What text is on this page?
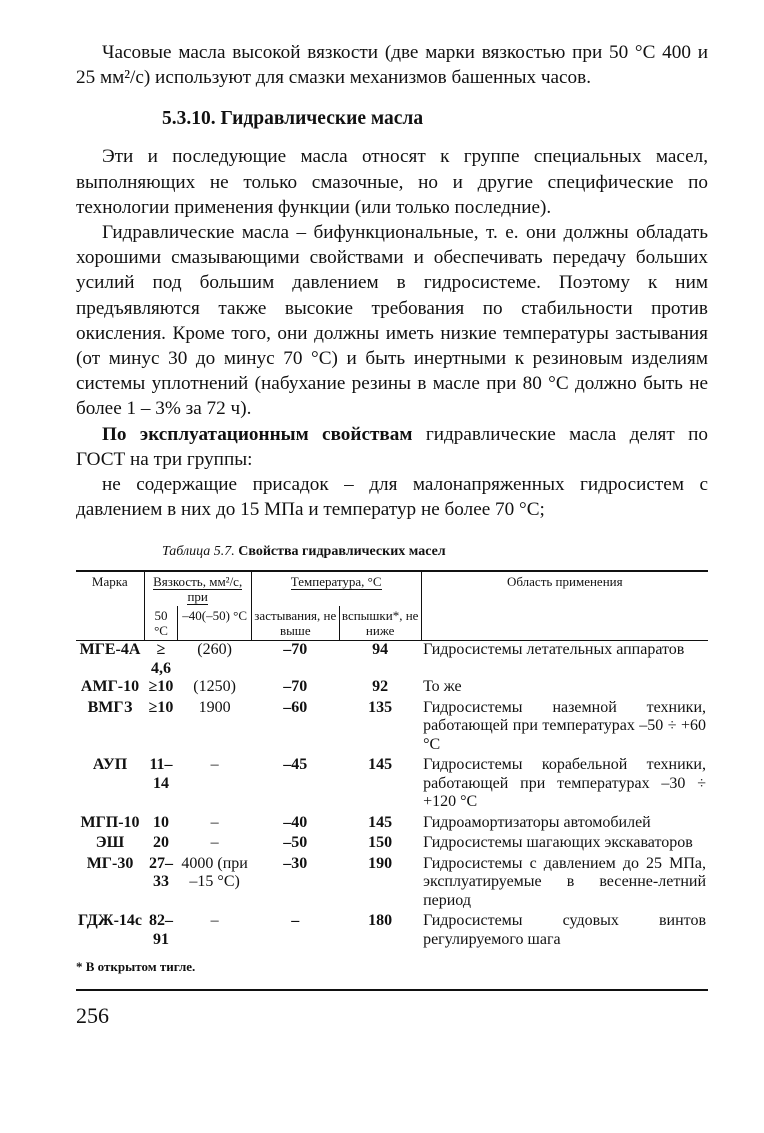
Часовые масла высокой вязкости (две марки вязкостью при 50 °С 400 и 25 мм²/с) используют для смазки механизмов башенных часов.

5.3.10. Гидравлические масла

Эти и последующие масла относят к группе специальных масел, выполняющих не только смазочные, но и другие специфические по технологии применения функции (или только последние).

Гидравлические масла – бифункциональные, т. е. они должны обладать хорошими смазывающими свойствами и обеспечивать передачу больших усилий под большим давлением в гидросистеме. Поэтому к ним предъявляются также высокие требования по стабильности против окисления. Кроме того, они должны иметь низкие температуры застывания (от минус 30 до минус 70 °С) и быть инертными к резиновым изделиям системы уплотнений (набухание резины в масле при 80 °С должно быть не более 1 – 3% за 72 ч).

По эксплуатационным свойствам гидравлические масла делят по ГОСТ на три группы:

не содержащие присадок – для малонапряженных гидросистем с давлением в них до 15 МПа и температур не более 70 °С;

Таблица 5.7. Свойства гидравлических масел
Марка	Вязкость, мм²/с, при		Температура, °С		Область применения
	50 °С	–40(–50) °С	застывания, не выше	вспышки*, не ниже	
МГЕ-4А	≥ 4,6	(260)	–70	94	Гидросистемы летательных аппаратов
АМГ-10	≥10	(1250)	–70	92	То же
ВМГЗ	≥10	1900	–60	135	Гидросистемы наземной техники, работающей при температурах –50 ÷ +60 °С
АУП	11–14	–	–45	145	Гидросистемы корабельной техники, работающей при температурах –30 ÷ +120 °С
МГП-10	10	–	–40	145	Гидроамортизаторы автомобилей
ЭШ	20	–	–50	150	Гидросистемы шагающих экскаваторов
МГ-30	27–33	4000 (при –15 °С)	–30	190	Гидросистемы с давлением до 25 МПа, эксплуатируемые в весенне-летний период
ГДЖ-14с	82–91	–	–	180	Гидросистемы судовых винтов регулируемого шага
* В открытом тигле.
256
